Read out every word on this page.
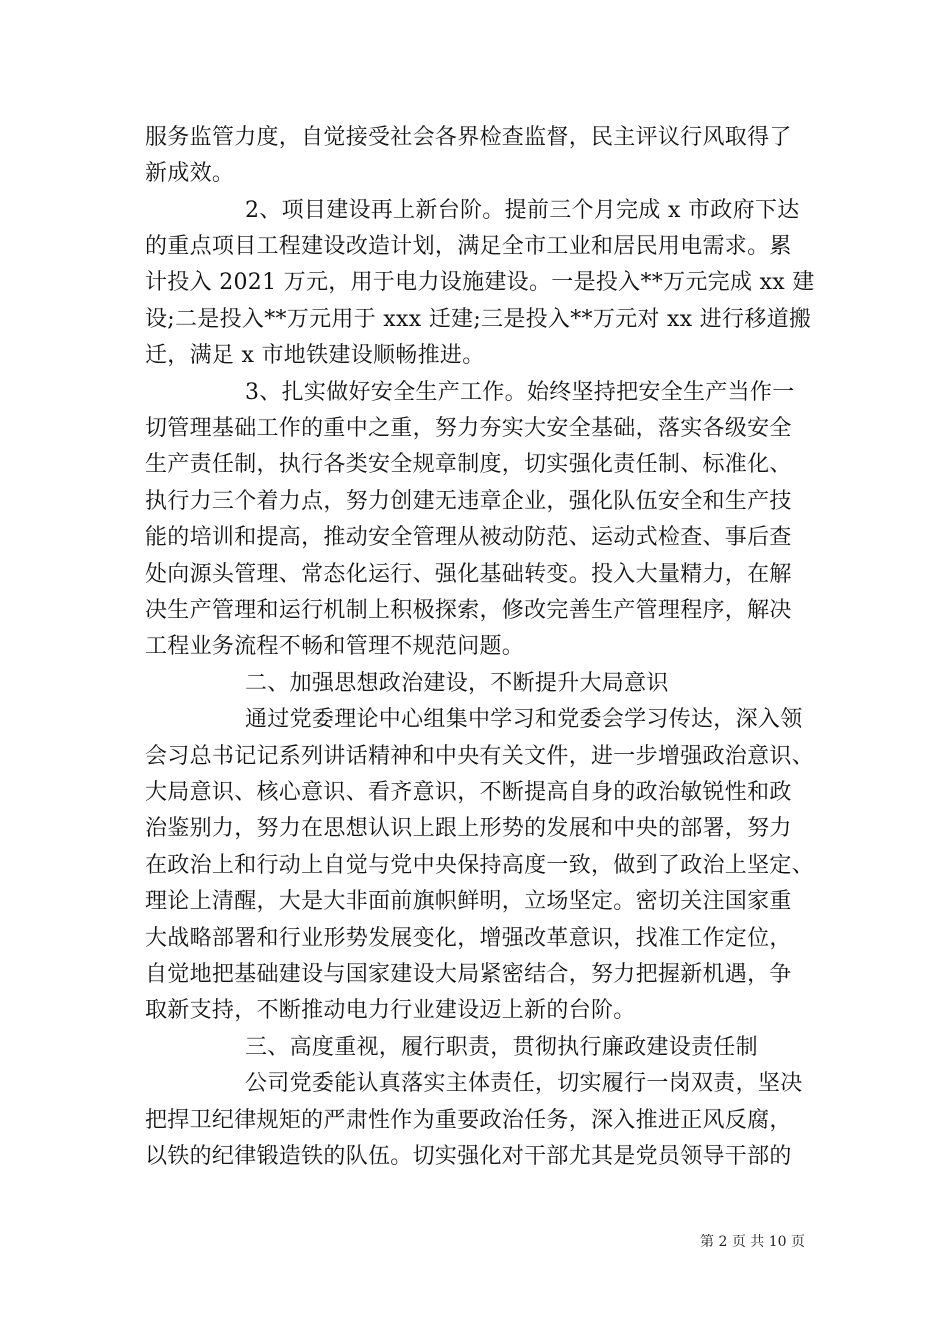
服务监管力度，自觉接受社会各界检查监督，民主评议行风取得了
新成效。
2、项目建设再上新台阶。提前三个月完成 x 市政府下达
的重点项目工程建设改造计划，满足全市工业和居民用电需求。累
计投入 2021 万元，用于电力设施建设。一是投入**万元完成 xx 建
设;二是投入**万元用于 xxx 迁建;三是投入**万元对 xx 进行移道搬
迁，满足 x 市地铁建设顺畅推进。
3、扎实做好安全生产工作。始终坚持把安全生产当作一
切管理基础工作的重中之重，努力夯实大安全基础，落实各级安全
生产责任制，执行各类安全规章制度，切实强化责任制、标准化、
执行力三个着力点，努力创建无违章企业，强化队伍安全和生产技
能的培训和提高，推动安全管理从被动防范、运动式检查、事后查
处向源头管理、常态化运行、强化基础转变。投入大量精力，在解
决生产管理和运行机制上积极探索，修改完善生产管理程序，解决
工程业务流程不畅和管理不规范问题。
二、加强思想政治建设，不断提升大局意识
通过党委理论中心组集中学习和党委会学习传达，深入领
会习总书记记系列讲话精神和中央有关文件，进一步增强政治意识、
大局意识、核心意识、看齐意识，不断提高自身的政治敏锐性和政
治鉴别力，努力在思想认识上跟上形势的发展和中央的部署，努力
在政治上和行动上自觉与党中央保持高度一致，做到了政治上坚定、
理论上清醒，大是大非面前旗帜鲜明，立场坚定。密切关注国家重
大战略部署和行业形势发展变化，增强改革意识，找准工作定位，
自觉地把基础建设与国家建设大局紧密结合，努力把握新机遇，争
取新支持，不断推动电力行业建设迈上新的台阶。
三、高度重视，履行职责，贯彻执行廉政建设责任制
公司党委能认真落实主体责任，切实履行一岗双责，坚决
把捍卫纪律规矩的严肃性作为重要政治任务，深入推进正风反腐，
以铁的纪律锻造铁的队伍。切实强化对干部尤其是党员领导干部的
第 2 页 共 10 页
